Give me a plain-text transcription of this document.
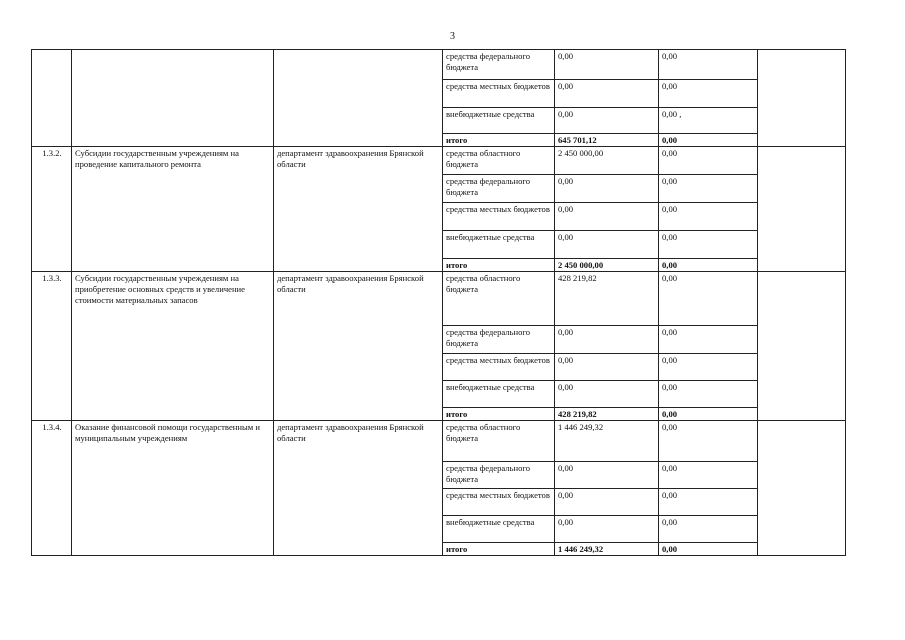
3
			средства федерального бюджета	0,00	0,00	
			средства местных бюджетов	0,00	0,00	
			внебюджетные средства	0,00	0,00 ,	
			итого	645 701,12	0,00	
1.3.2.	Субсидии государственным учреждениям на проведение капитального ремонта	департамент здравоохранения Брянской области	средства областного бюджета	2 450 000,00	0,00	
			средства федерального бюджета	0,00	0,00	
			средства местных бюджетов	0,00	0,00	
			внебюджетные средства	0,00	0,00	
			итого	2 450 000,00	0,00	
1.3.3.	Субсидии государственным учреждениям на приобретение основных средств и увеличение стоимости материальных запасов	департамент здравоохранения Брянской области	средства областного бюджета	428 219,82	0,00	
			средства федерального бюджета	0,00	0,00	
			средства местных бюджетов	0,00	0,00	
			внебюджетные средства	0,00	0,00	
			итого	428 219,82	0,00	
1.3.4.	Оказание финансовой помощи государственным и муниципальным учреждениям	департамент здравоохранения Брянской области	средства областного бюджета	1 446 249,32	0,00	
			средства федерального бюджета	0,00	0,00	
			средства местных бюджетов	0,00	0,00	
			внебюджетные средства	0,00	0,00	
			итого	1 446 249,32	0,00	
